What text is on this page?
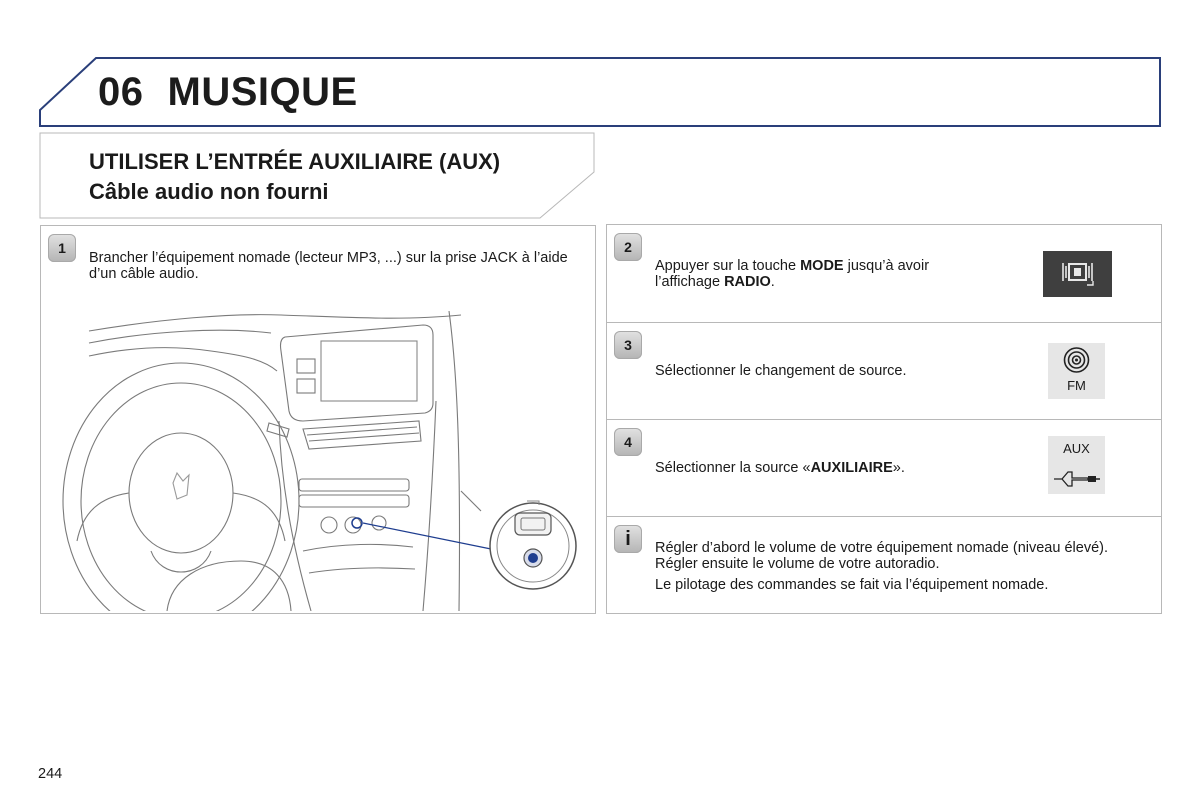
06 MUSIQUE
UTILISER L’ENTRÉE AUXILIAIRE (AUX)
Câble audio non fourni
1
Brancher l’équipement nomade (lecteur MP3, ...) sur la prise JACK à l’aide d’un câble audio.
2
Appuyer sur la touche MODE jusqu’à avoir l’affichage RADIO.
3
Sélectionner le changement de source.
FM
4
Sélectionner la source «AUXILIAIRE».
AUX
i	Régler d’abord le volume de votre équipement nomade (niveau élevé). Régler ensuite le volume de votre autoradio.

Le pilotage des commandes se fait via l’équipement nomade.

244
